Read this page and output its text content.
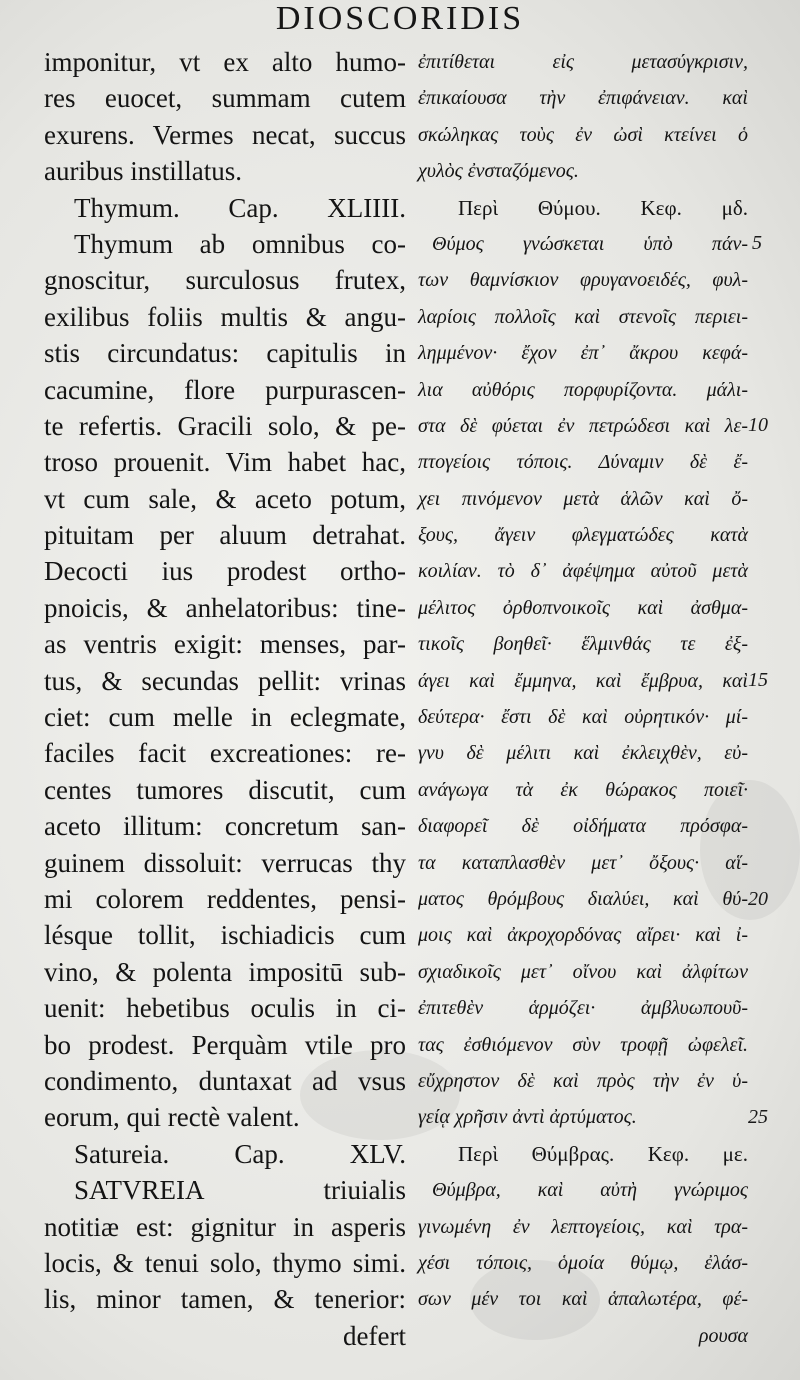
DIOSCORIDIS
imponitur, vt ex alto humo-
res euocet, summam cutem
exurens. Vermes necat, succus
auribus instillatus.
Thymum. Cap. XLIIII.
Thymum ab omnibus co-
gnoscitur, surculosus frutex,
exilibus foliis multis & angu-
stis circundatus: capitulis in
cacumine, flore purpurascen-
te refertis. Gracili solo, & pe-
troso prouenit. Vim habet hac,
vt cum sale, & aceto potum,
pituitam per aluum detrahat.
Decocti ius prodest ortho-
pnoicis, & anhelatoribus: tine-
as ventris exigit: menses, par-
tus, & secundas pellit: vrinas
ciet: cum melle in eclegmate,
faciles facit excreationes: re-
centes tumores discutit, cum
aceto illitum: concretum san-
guinem dissoluit: verrucas thy
mi colorem reddentes, pensi-
lésque tollit, ischiadicis cum
vino, & polenta impositū sub-
uenit: hebetibus oculis in ci-
bo prodest. Perquàm vtile pro
condimento, duntaxat ad vsus
eorum, qui rectè valent.
Satureia. Cap. XLV.
SATVREIA triuialis
notitiæ est: gignitur in asperis
locis, & tenui solo, thymo simi.
lis, minor tamen, & tenerior:
defert
ἐπιτίθεται εἰς μετασύγκρισιν,
ἐπικαίουσα τὴν ἐπιφάνειαν. καὶ
σκώληκας τοὺς ἐν ὠσὶ κτείνει ὁ
χυλὸς ἐνσταζόμενος.
Περὶ Θύμου. Κεφ. μδ.
Θύμος γνώσκεται ὑπὸ πάν-
των θαμνίσκιον φρυγανοειδές, φυλ-
λαρίοις πολλοῖς καὶ στενοῖς περιει-
λημμένον· ἔχον ἐπ᾽ ἄκρου κεφά-
λια αὐθόρις πορφυρίζοντα. μάλι-
στα δὲ φύεται ἐν πετρώδεσι καὶ λε-
πτογείοις τόποις. Δύναμιν δὲ ἔ-
χει πινόμενον μετὰ ἁλῶν καὶ ὄ-
ξους, ἄγειν φλεγματώδες κατὰ
κοιλίαν. τὸ δ᾽ ἀφέψημα αὐτοῦ μετὰ
μέλιτος ὀρθοπνοικοῖς καὶ ἀσθμα-
τικοῖς βοηθεῖ· ἕλμινθάς τε ἐξ-
άγει καὶ ἔμμηνα, καὶ ἔμβρυα, καὶ
δεύτερα· ἔστι δὲ καὶ οὐρητικόν· μί-
γνυ δὲ μέλιτι καὶ ἐκλειχθὲν, εὐ-
ανάγωγα τὰ ἐκ θώρακος ποιεῖ·
διαφορεῖ δὲ οἰδήματα πρόσφα-
τα καταπλασθὲν μετ᾽ ὄξους· αἵ-
ματος θρόμβους διαλύει, καὶ θύ-
μοις καὶ ἀκροχορδόνας αἴρει· καὶ ἰ-
σχιαδικοῖς μετ᾽ οἴνου καὶ ἀλφίτων
ἐπιτεθὲν ἁρμόζει· ἀμβλυωπουῦ-
τας ἐσθιόμενον σὺν τροφῇ ὠφελεῖ.
εὔχρηστον δὲ καὶ πρὸς τὴν ἐν ὑ-
γείᾳ χρῆσιν ἀντὶ ἀρτύματος.
Περὶ Θύμβρας. Κεφ. με.
Θύμβρα, καὶ αὐτὴ γνώριμος
γινωμένη ἐν λεπτογείοις, καὶ τρα-
χέσι τόποις, ὁμοία θύμῳ, ἐλάσ-
σων μέν τοι καὶ ἁπαλωτέρα, φέ-
ρουσα
5
10
15
20
25
